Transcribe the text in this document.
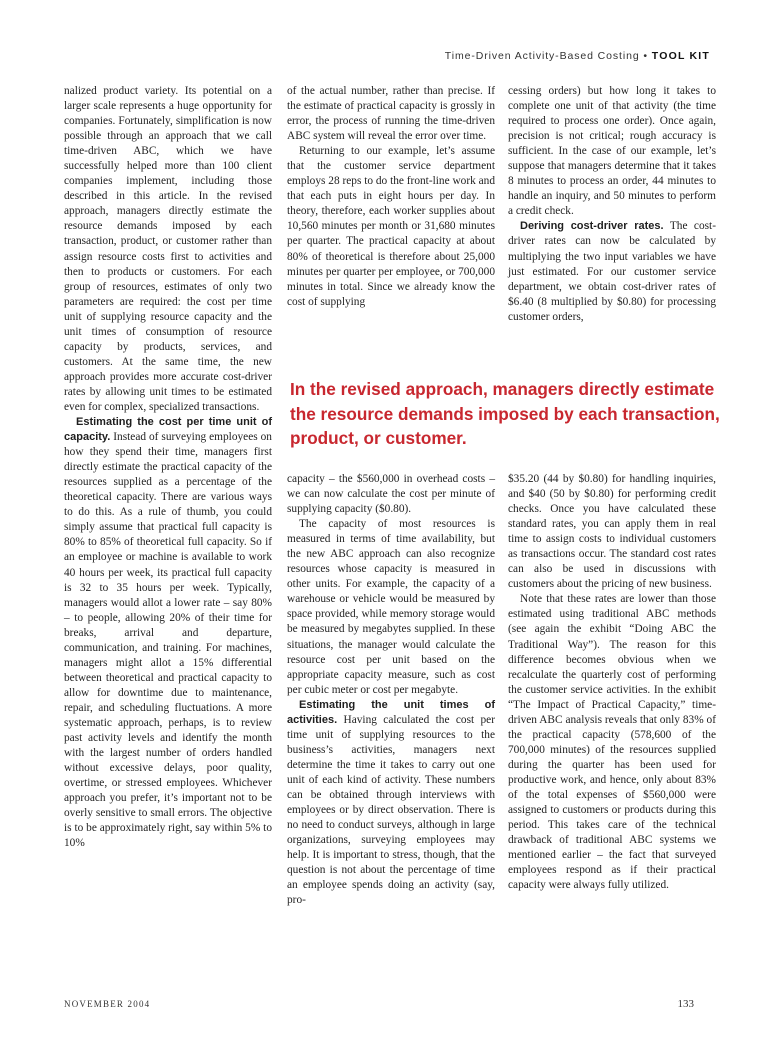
Time-Driven Activity-Based Costing • TOOL KIT

nalized product variety. Its potential on a larger scale represents a huge opportunity for companies. Fortunately, simplification is now possible through an approach that we call time-driven ABC, which we have successfully helped more than 100 client companies implement, including those described in this article. In the revised approach, managers directly estimate the resource demands imposed by each transaction, product, or customer rather than assign resource costs first to activities and then to products or customers. For each group of resources, estimates of only two parameters are required: the cost per time unit of supplying resource capacity and the unit times of consumption of resource capacity by products, services, and customers. At the same time, the new approach provides more accurate cost-driver rates by allowing unit times to be estimated even for complex, specialized transactions.

Estimating the cost per time unit of capacity. Instead of surveying employees on how they spend their time, managers first directly estimate the practical capacity of the resources supplied as a percentage of the theoretical capacity. There are various ways to do this. As a rule of thumb, you could simply assume that practical full capacity is 80% to 85% of theoretical full capacity. So if an employee or machine is available to work 40 hours per week, its practical full capacity is 32 to 35 hours per week. Typically, managers would allot a lower rate – say 80% – to people, allowing 20% of their time for breaks, arrival and departure, communication, and training. For machines, managers might allot a 15% differential between theoretical and practical capacity to allow for downtime due to maintenance, repair, and scheduling fluctuations. A more systematic approach, perhaps, is to review past activity levels and identify the month with the largest number of orders handled without excessive delays, poor quality, overtime, or stressed employees. Whichever approach you prefer, it’s important not to be overly sensitive to small errors. The objective is to be approximately right, say within 5% to 10%

of the actual number, rather than precise. If the estimate of practical capacity is grossly in error, the process of running the time-driven ABC system will reveal the error over time.

Returning to our example, let’s assume that the customer service department employs 28 reps to do the front-line work and that each puts in eight hours per day. In theory, therefore, each worker supplies about 10,560 minutes per month or 31,680 minutes per quarter. The practical capacity at about 80% of theoretical is therefore about 25,000 minutes per quarter per employee, or 700,000 minutes in total. Since we already know the cost of supplying

cessing orders) but how long it takes to complete one unit of that activity (the time required to process one order). Once again, precision is not critical; rough accuracy is sufficient. In the case of our example, let’s suppose that managers determine that it takes 8 minutes to process an order, 44 minutes to handle an inquiry, and 50 minutes to perform a credit check.

Deriving cost-driver rates. The cost-driver rates can now be calculated by multiplying the two input variables we have just estimated. For our customer service department, we obtain cost-driver rates of $6.40 (8 multiplied by $0.80) for processing customer orders,

In the revised approach, managers directly estimate the resource demands imposed by each transaction, product, or customer.

capacity – the $560,000 in overhead costs – we can now calculate the cost per minute of supplying capacity ($0.80).

The capacity of most resources is measured in terms of time availability, but the new ABC approach can also recognize resources whose capacity is measured in other units. For example, the capacity of a warehouse or vehicle would be measured by space provided, while memory storage would be measured by megabytes supplied. In these situations, the manager would calculate the resource cost per unit based on the appropriate capacity measure, such as cost per cubic meter or cost per megabyte.

Estimating the unit times of activities. Having calculated the cost per time unit of supplying resources to the business’s activities, managers next determine the time it takes to carry out one unit of each kind of activity. These numbers can be obtained through interviews with employees or by direct observation. There is no need to conduct surveys, although in large organizations, surveying employees may help. It is important to stress, though, that the question is not about the percentage of time an employee spends doing an activity (say, pro-

$35.20 (44 by $0.80) for handling inquiries, and $40 (50 by $0.80) for performing credit checks. Once you have calculated these standard rates, you can apply them in real time to assign costs to individual customers as transactions occur. The standard cost rates can also be used in discussions with customers about the pricing of new business.

Note that these rates are lower than those estimated using traditional ABC methods (see again the exhibit “Doing ABC the Traditional Way”). The reason for this difference becomes obvious when we recalculate the quarterly cost of performing the customer service activities. In the exhibit “The Impact of Practical Capacity,” time-driven ABC analysis reveals that only 83% of the practical capacity (578,600 of the 700,000 minutes) of the resources supplied during the quarter has been used for productive work, and hence, only about 83% of the total expenses of $560,000 were assigned to customers or products during this period. This takes care of the technical drawback of traditional ABC systems we mentioned earlier – the fact that surveyed employees respond as if their practical capacity were always fully utilized.

NOVEMBER 2004	133
